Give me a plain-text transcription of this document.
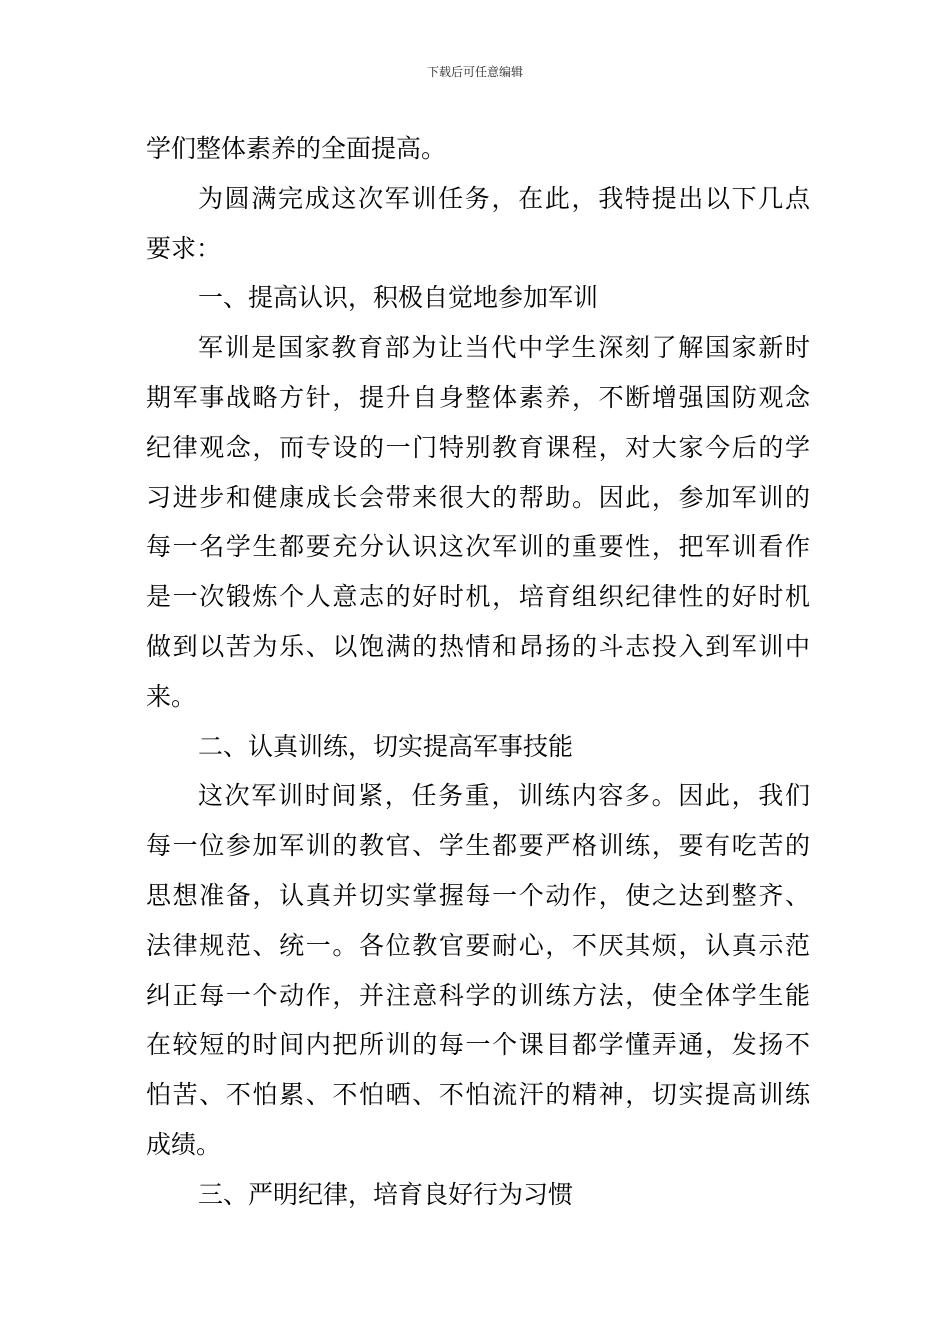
下载后可任意编辑
学们整体素养的全面提高。
为圆满完成这次军训任务，在此，我特提出以下几点
要求：
一、提高认识，积极自觉地参加军训
军训是国家教育部为让当代中学生深刻了解国家新时
期军事战略方针，提升自身整体素养，不断增强国防观念
纪律观念，而专设的一门特别教育课程，对大家今后的学
习进步和健康成长会带来很大的帮助。因此，参加军训的
每一名学生都要充分认识这次军训的重要性，把军训看作
是一次锻炼个人意志的好时机，培育组织纪律性的好时机
做到以苦为乐、以饱满的热情和昂扬的斗志投入到军训中
来。
二、认真训练，切实提高军事技能
这次军训时间紧，任务重，训练内容多。因此，我们
每一位参加军训的教官、学生都要严格训练，要有吃苦的
思想准备，认真并切实掌握每一个动作，使之达到整齐、
法律规范、统一。各位教官要耐心，不厌其烦，认真示范
纠正每一个动作，并注意科学的训练方法，使全体学生能
在较短的时间内把所训的每一个课目都学懂弄通，发扬不
怕苦、不怕累、不怕晒、不怕流汗的精神，切实提高训练
成绩。
三、严明纪律，培育良好行为习惯
